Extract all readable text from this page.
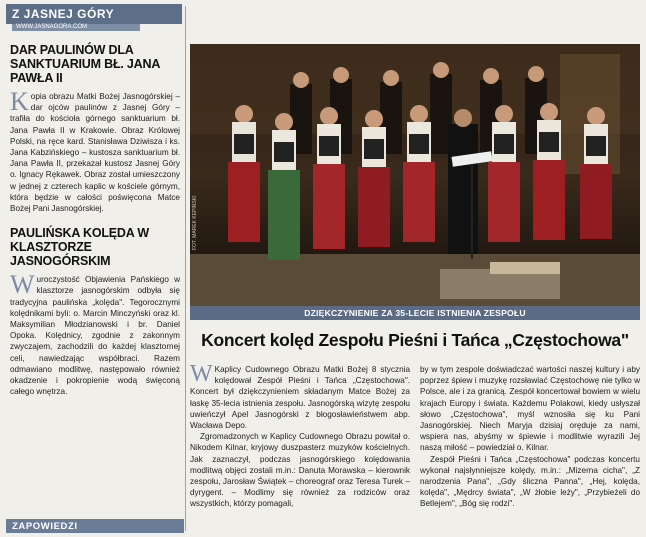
Z JASNEJ GÓRY
WWW.JASNAGORA.COM
DAR PAULINÓW DLA SANKTUARIUM BŁ. JANA PAWŁA II
Kopia obrazu Matki Bożej Jasnogórskiej – dar ojców paulinów z Jasnej Góry – trafiła do kościoła górnego sanktuarium bł. Jana Pawła II w Krakowie. Obraz Królowej Polski, na ręce kard. Stanisława Dziwisza i ks. Jana Kabzińskiego – kustosza sanktuarium bł. Jana Pawła II, przekazał kustosz Jasnej Góry o. Ignacy Rękawek. Obraz został umieszczony w jednej z czterech kaplic w kościele górnym, która będzie w całości poświęcona Matce Bożej Pani Jasnogórskiej.
PAULIŃSKA KOLĘDA W KLASZTORZE JASNOGÓRSKIM
Wuroczystość Objawienia Pańskiego w klasztorze jasnogórskim odbyła się tradycyjna paulińska „kolęda". Tegorocznymi kolędnikami byli: o. Marcin Minczyński oraz kl. Maksymilian Młodzianowski i br. Daniel Opoka. Kolędnicy, zgodnie z zakonnym zwyczajem, zachodzili do każdej klasztornej celi, nawiedzając współbraci. Razem odmawiano modlitwę, następowało również okadzenie i pokropienie wodą święconą całego wnętrza.
ZAPOWIEDZI
FOT. MAREK KEPIŃSKI
DZIĘKCZYNIENIE ZA 35-LECIE ISTNIENIA ZESPOŁU
Koncert kolęd Zespołu Pieśni i Tańca „Częstochowa"

W Kaplicy Cudownego Obrazu Matki Bożej 8 stycznia kolędował Zespół Pieśni i Tańca „Częstochowa". Koncert był dziękczynieniem składanym Matce Bożej za łaskę 35-lecia istnienia zespołu. Jasnogórską wizytę zespołu uwieńczył Apel Jasnogórski z błogosławieństwem abp. Wacława Depo.

Zgromadzonych w Kaplicy Cudownego Obrazu powitał o. Nikodem Kilnar, kryjowy duszpasterz muzyków kościelnych. Jak zaznaczył, podczas jasnogórskiego kolędowania modlitwą objęci zostali m.in.: Danuta Morawska – kierownik zespołu, Jarosław Świątek – choreograf oraz Teresa Turek – dyrygent. – Modlimy się również za rodziców oraz wszystkich, którzy pomagali,

by w tym zespole doświadczać wartości naszej kultury i aby poprzez śpiew i muzykę rozsławiać Częstochowę nie tylko w Polsce, ale i za granicą. Zespół koncertował bowiem w wielu krajach Europy i świata. Każdemu Polakowi, kiedy usłyszał słowo „Częstochowa", myśl wznosiła się ku Pani Jasnogórskiej. Niech Maryja dzisiaj oręduje za nami, wspiera nas, abyśmy w śpiewie i modlitwie wyrazili Jej naszą miłość – powiedział o. Kilnar.

Zespół Pieśni i Tańca „Częstochowa" podczas koncertu wykonał najsłynniejsze kolędy, m.in.: „Mizerna cicha", „Z narodzenia Pana", „Gdy śliczna Panna", „Hej, kolęda, kolęda", „Mędrcy świata", „W żłobie leży", „Przybieżeli do Betlejem", „Bóg się rodzi".
